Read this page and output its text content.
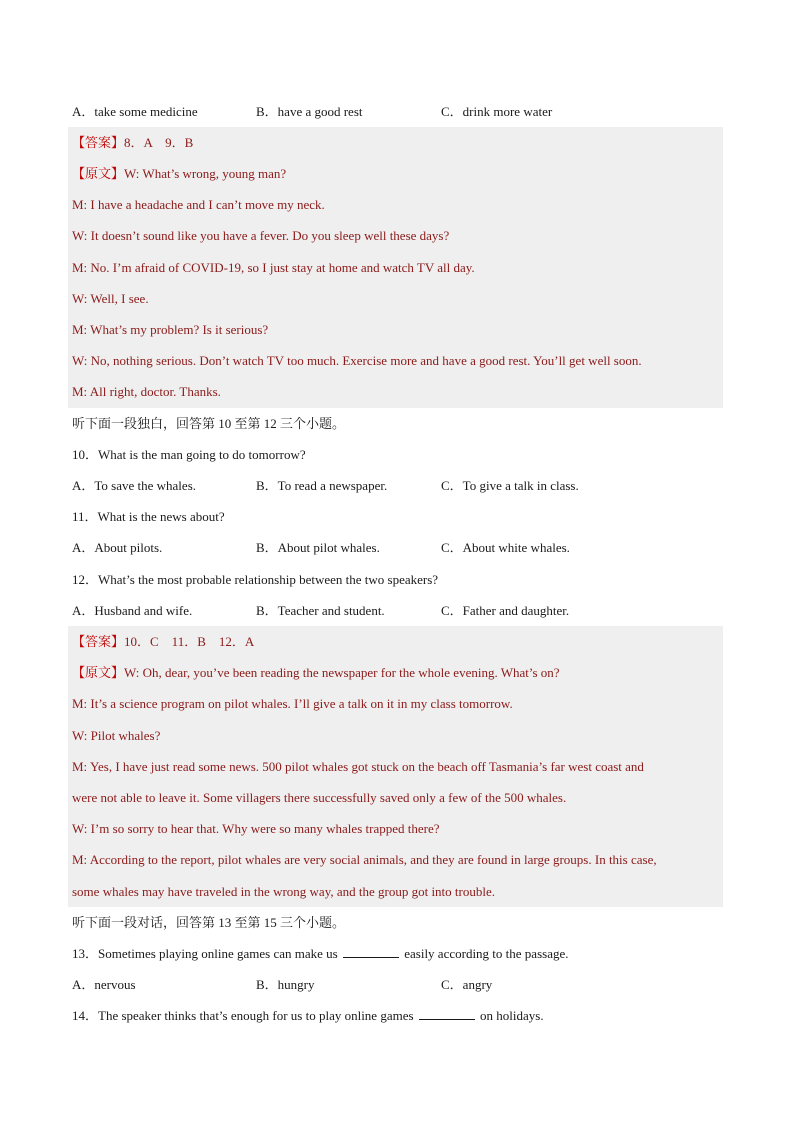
A．take some medicine	B．have a good rest	C．drink more water
【答案】8．A　9．B
【原文】W: What’s wrong, young man?
M: I have a headache and I can’t move my neck.
W: It doesn’t sound like you have a fever. Do you sleep well these days?
M: No. I’m afraid of COVID-19, so I just stay at home and watch TV all day.
W: Well, I see.
M: What’s my problem? Is it serious?
W: No, nothing serious. Don’t watch TV too much. Exercise more and have a good rest. You’ll get well soon.
M: All right, doctor. Thanks.
听下面一段独白，回答第 10 至第 12 三个小题。
10．What is the man going to do tomorrow?
A．To save the whales.	B．To read a newspaper.	C．To give a talk in class.
11．What is the news about?
A．About pilots.	B．About pilot whales.	C．About white whales.
12．What’s the most probable relationship between the two speakers?
A．Husband and wife.	B．Teacher and student.	C．Father and daughter.
【答案】10．C　11．B　12．A
【原文】W: Oh, dear, you’ve been reading the newspaper for the whole evening. What’s on?
M: It’s a science program on pilot whales. I’ll give a talk on it in my class tomorrow.
W: Pilot whales?
M: Yes, I have just read some news. 500 pilot whales got stuck on the beach off Tasmania’s far west coast and
were not able to leave it. Some villagers there successfully saved only a few of the 500 whales.
W: I’m so sorry to hear that. Why were so many whales trapped there?
M: According to the report, pilot whales are very social animals, and they are found in large groups. In this case,
some whales may have traveled in the wrong way, and the group got into trouble.
听下面一段对话，回答第 13 至第 15 三个小题。
13．Sometimes playing online games can make us	easily according to the passage.
A．nervous	B．hungry	C．angry
14．The speaker thinks that’s enough for us to play online games	on holidays.
